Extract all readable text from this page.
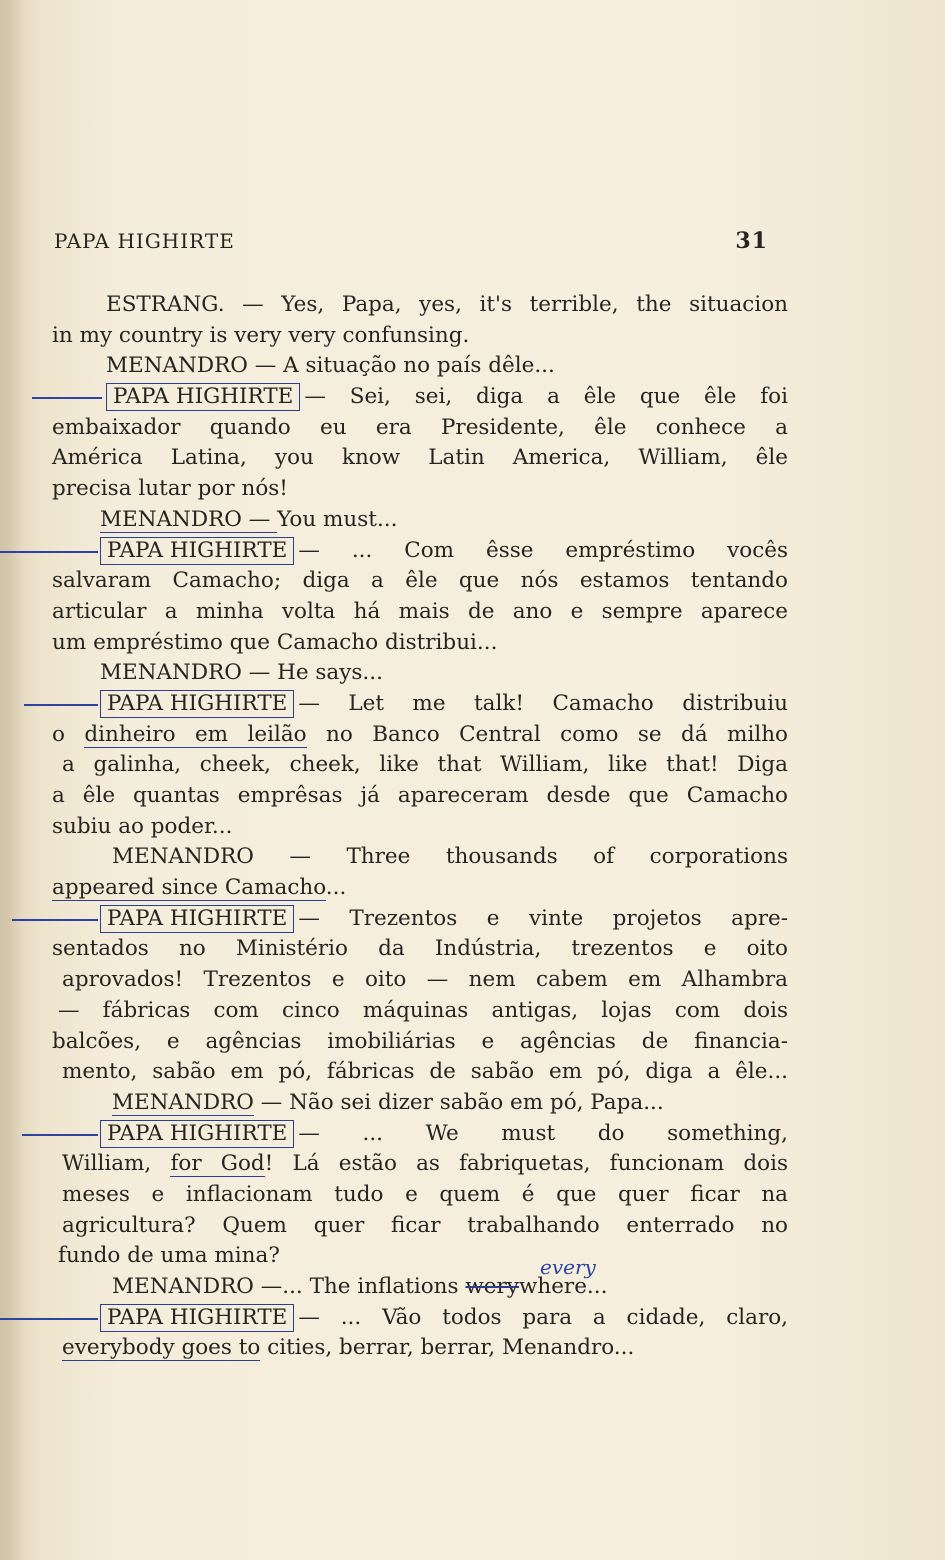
PAPA HIGHIRTE	31
ESTRANG. — Yes, Papa, yes, it's terrible, the situacion
in my country is very very confunsing.
MENANDRO — A situação no país dêle...
PAPA HIGHIRTE — Sei, sei, diga a êle que êle foi
embaixador quando eu era Presidente, êle conhece a
América Latina, you know Latin America, William, êle
precisa lutar por nós!
MENANDRO — You must...
PAPA HIGHIRTE — ... Com êsse empréstimo vocês
salvaram Camacho; diga a êle que nós estamos tentando
articular a minha volta há mais de ano e sempre aparece
um empréstimo que Camacho distribui...
MENANDRO — He says...
PAPA HIGHIRTE — Let me talk! Camacho distribuiu
o dinheiro em leilão no Banco Central como se dá milho
a galinha, cheek, cheek, like that William, like that! Diga
a êle quantas emprêsas já apareceram desde que Camacho
subiu ao poder...
MENANDRO — Three thousands of corporations
appeared since Camacho...
PAPA HIGHIRTE — Trezentos e vinte projetos apre-
sentados no Ministério da Indústria, trezentos e oito
aprovados! Trezentos e oito — nem cabem em Alhambra
— fábricas com cinco máquinas antigas, lojas com dois
balcões, e agências imobiliárias e agências de financia-
mento, sabão em pó, fábricas de sabão em pó, diga a êle...
MENANDRO — Não sei dizer sabão em pó, Papa...
PAPA HIGHIRTE — ... We must do something,
William, for God! Lá estão as fabriquetas, funcionam dois
meses e inflacionam tudo e quem é que quer ficar na
agricultura? Quem quer ficar trabalhando enterrado no
fundo de uma mina?
MENANDRO —... The inflations werywhere...
every
PAPA HIGHIRTE — ... Vão todos para a cidade, claro,
everybody goes to cities, berrar, berrar, Menandro...
